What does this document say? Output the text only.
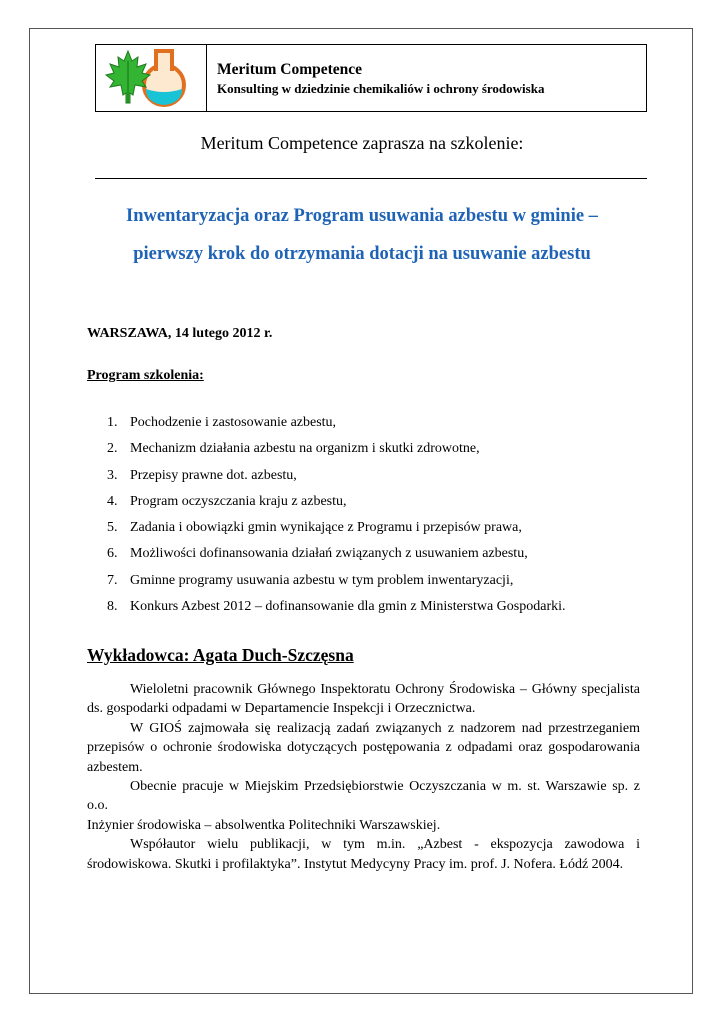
Meritum Competence
Konsulting w dziedzinie chemikaliów i ochrony środowiska
Meritum Competence zaprasza na szkolenie:
Inwentaryzacja oraz Program usuwania azbestu w gminie –
pierwszy krok do otrzymania dotacji na usuwanie azbestu
WARSZAWA, 14 lutego 2012 r.
Program szkolenia:
1. Pochodzenie i zastosowanie azbestu,
2. Mechanizm działania azbestu na organizm i skutki zdrowotne,
3. Przepisy prawne dot. azbestu,
4. Program oczyszczania kraju z azbestu,
5. Zadania i obowiązki gmin wynikające z Programu i przepisów prawa,
6. Możliwości dofinansowania działań związanych z usuwaniem azbestu,
7. Gminne programy usuwania azbestu w tym problem inwentaryzacji,
8. Konkurs Azbest 2012 – dofinansowanie dla gmin z Ministerstwa Gospodarki.
Wykładowca: Agata Duch-Szczęsna

Wieloletni pracownik Głównego Inspektoratu Ochrony Środowiska – Główny specjalista ds. gospodarki odpadami w Departamencie Inspekcji i Orzecznictwa.

W GIOŚ zajmowała się realizacją zadań związanych z nadzorem nad przestrzeganiem przepisów o ochronie środowiska dotyczących postępowania z odpadami oraz gospodarowania azbestem.

Obecnie pracuje w Miejskim Przedsiębiorstwie Oczyszczania w m. st. Warszawie sp. z o.o.

Inżynier środowiska – absolwentka Politechniki Warszawskiej.

Współautor wielu publikacji, w tym m.in. „Azbest - ekspozycja zawodowa i środowiskowa. Skutki i profilaktyka”. Instytut Medycyny Pracy im. prof. J. Nofera. Łódź 2004.
